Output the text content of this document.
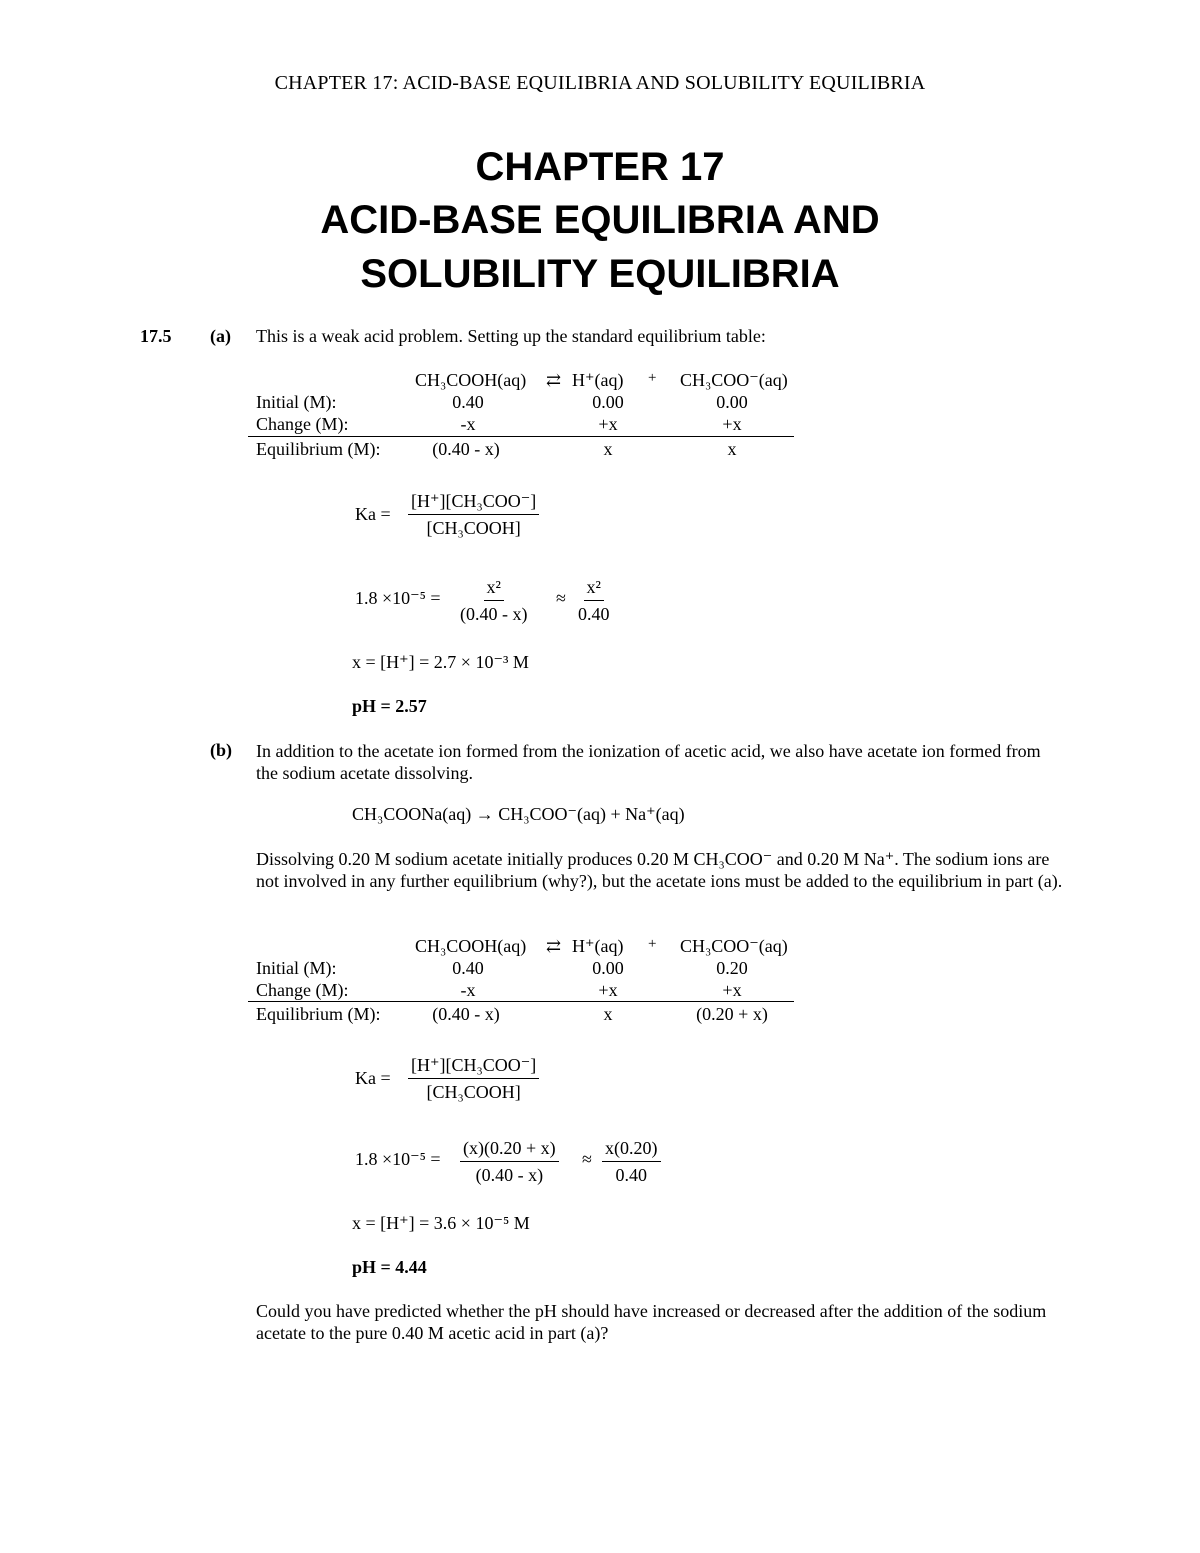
CHAPTER 17: ACID-BASE EQUILIBRIA AND SOLUBILITY EQUILIBRIA
CHAPTER 17
ACID-BASE EQUILIBRIA AND
SOLUBILITY EQUILIBRIA
17.5 (a) This is a weak acid problem. Setting up the standard equilibrium table:
CH₃COOH(aq) ⇄ H⁺(aq) + CH₃COO⁻(aq)
Initial (M):	0.40	0.00	0.00
Change (M):	-x	+x	+x
Equilibrium (M):	(0.40 - x)	x	x
Ka =
[H⁺][CH₃COO⁻]
[CH₃COOH]
$1.8 \times 10^{-5} = \frac{\text{x²}}{(0.40 - x)} \approx \frac{\text{x²}}{0.40}$
x = [H⁺] = 2.7 × 10⁻³ M
pH = 2.57
(b) In addition to the acetate ion formed from the ionization of acetic acid, we also have acetate ion formed from the sodium acetate dissolving.
CH₃COONa(aq) → CH₃COO⁻(aq) + Na⁺(aq)
Dissolving 0.20 M sodium acetate initially produces 0.20 M CH₃COO⁻ and 0.20 M Na⁺. The sodium ions are not involved in any further equilibrium (why?), but the acetate ions must be added to the equilibrium in part (a).
CH₃COOH(aq) ⇄ H⁺(aq) + CH₃COO⁻(aq)
Initial (M):	0.40	0.00	0.20
Change (M):	-x	+x	+x
Equilibrium (M):	(0.40 - x)	x	(0.20 + x)
Ka =
[H⁺][CH₃COO⁻]
[CH₃COOH]
$1.8 \times 10^{-5} = \frac{(x)(0.20 + x)}{(0.40 - x)} \approx \frac{x(0.20)}{0.40}$
x = [H⁺] = 3.6 × 10⁻⁵ M
pH = 4.44
Could you have predicted whether the pH should have increased or decreased after the addition of the sodium acetate to the pure 0.40 M acetic acid in part (a)?
